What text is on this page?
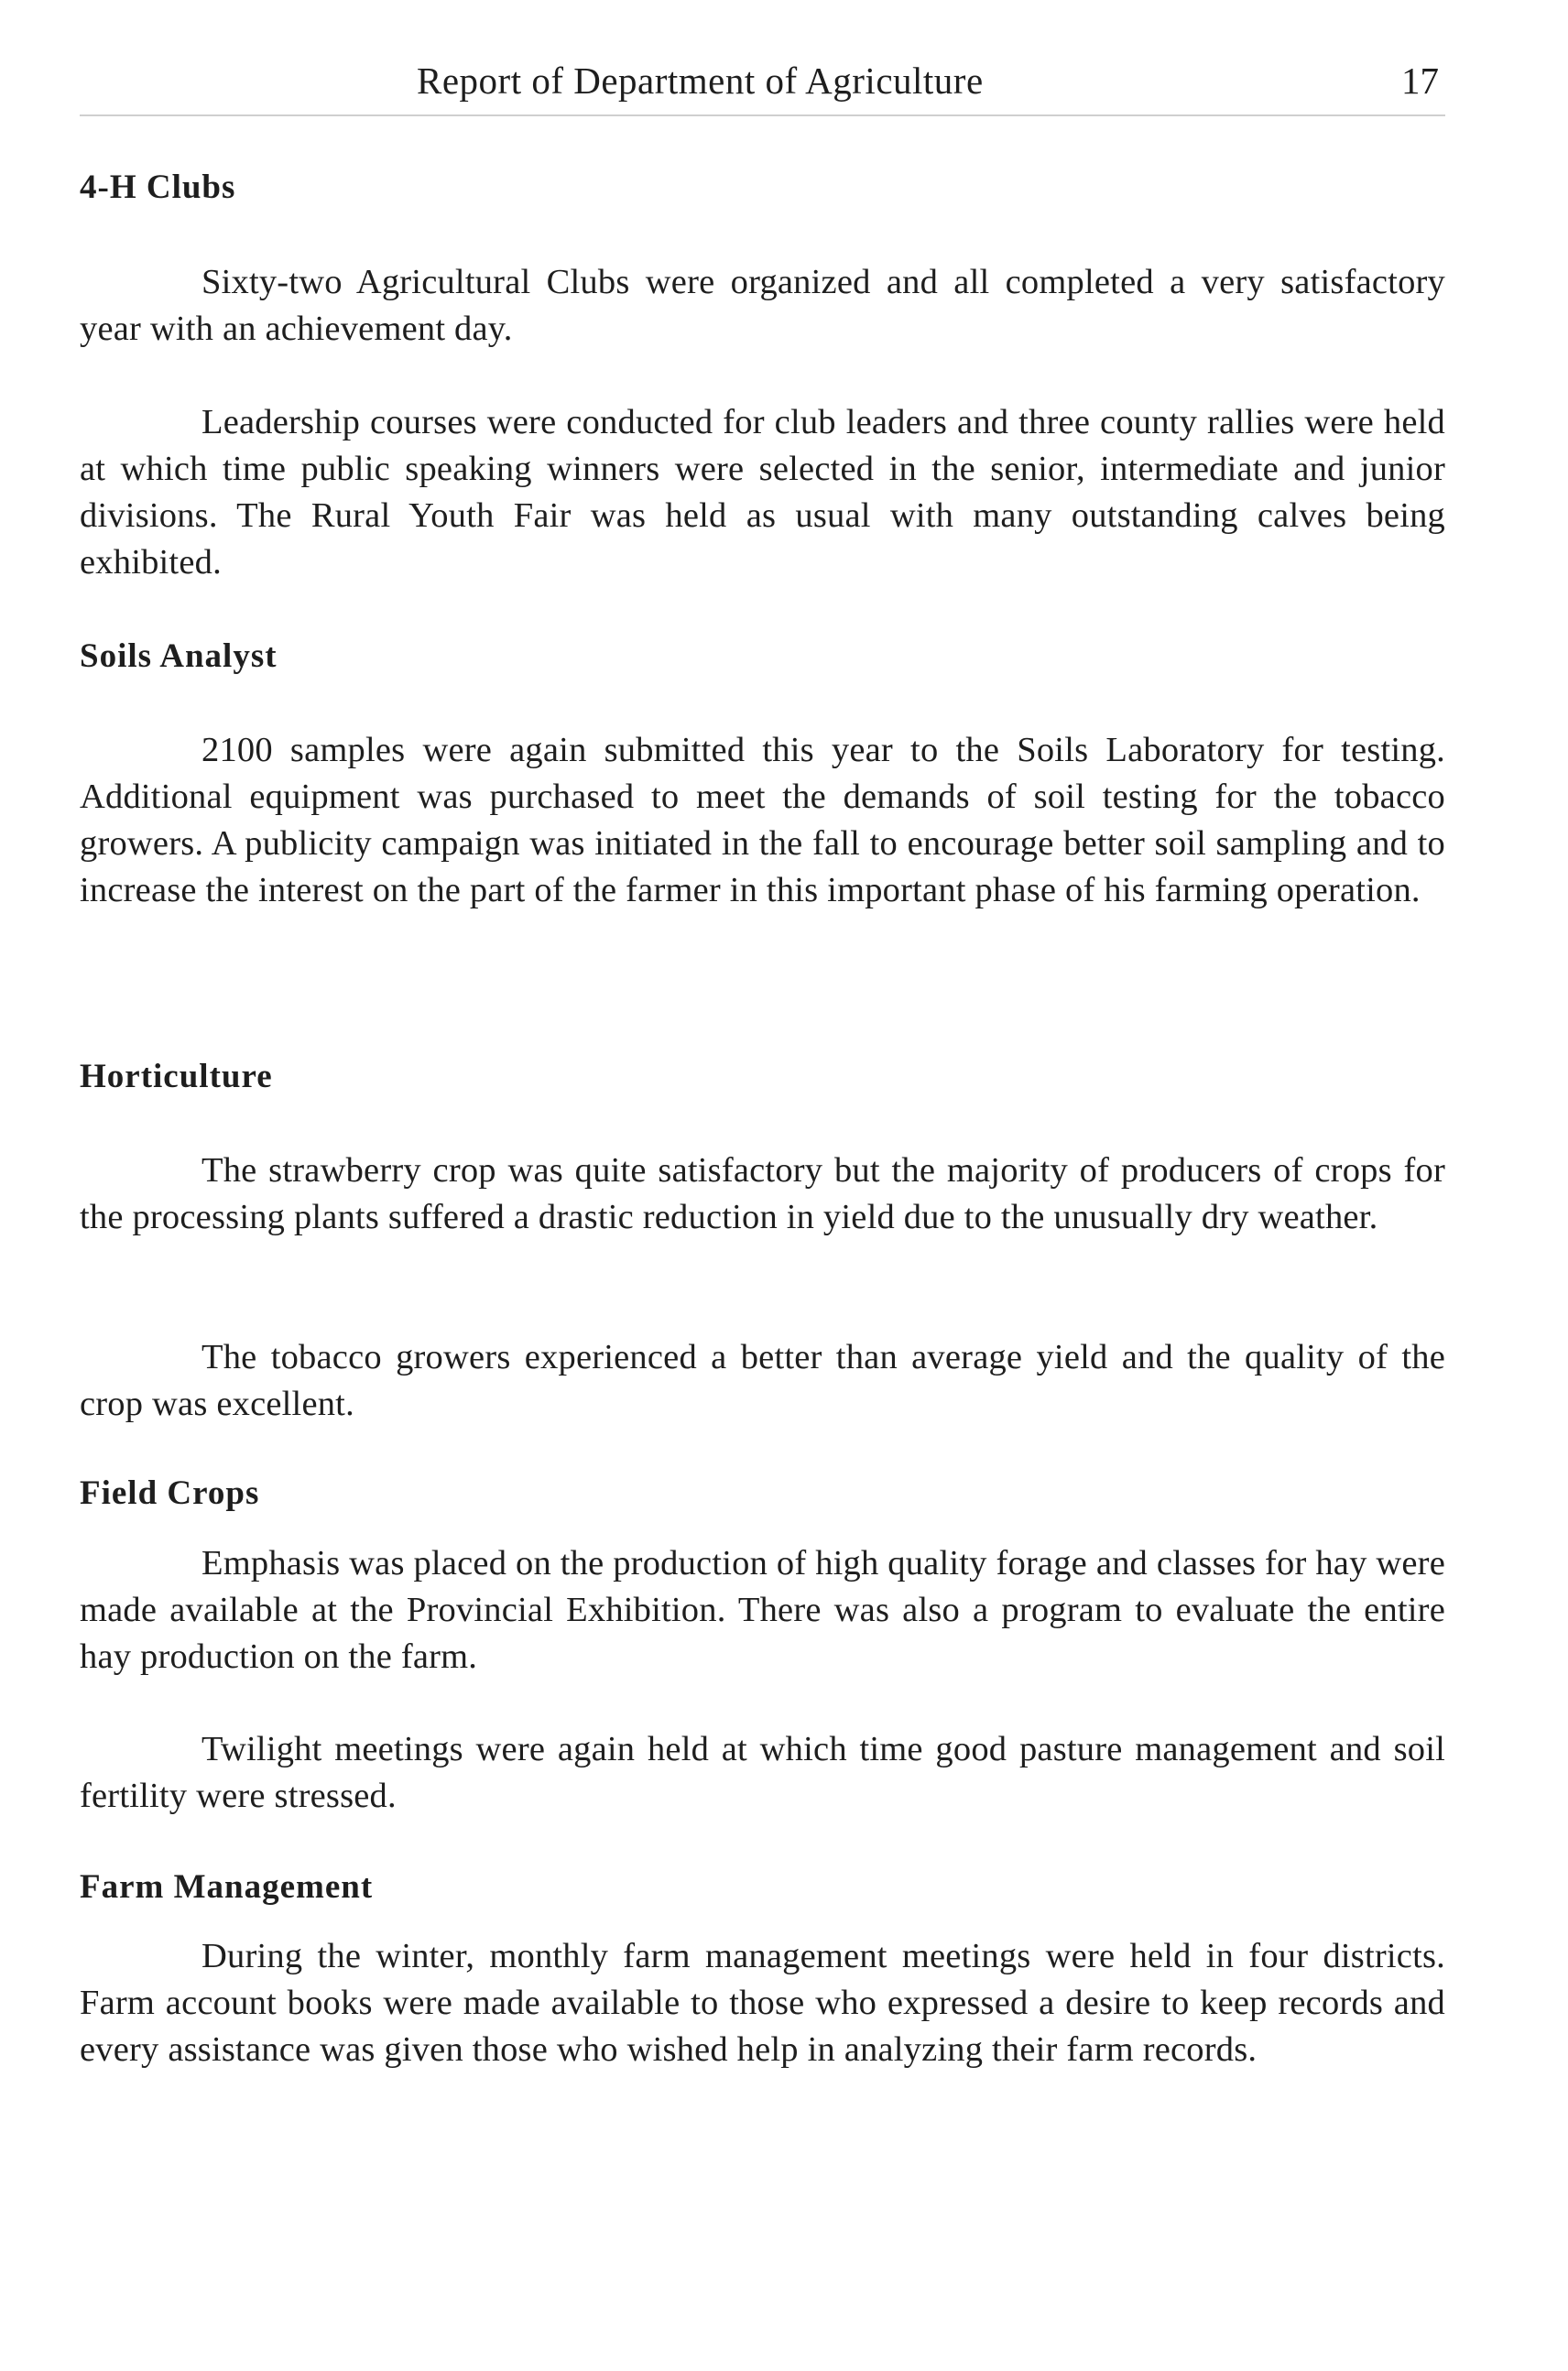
Report of Department of Agriculture	17
4-H Clubs

Sixty-two Agricultural Clubs were organized and all completed a very satisfactory year with an achievement day.

Leadership courses were conducted for club leaders and three county rallies were held at which time public speaking winners were selected in the senior, intermediate and junior divisions. The Rural Youth Fair was held as usual with many outstanding calves being exhibited.

Soils Analyst

2100 samples were again submitted this year to the Soils Laboratory for testing. Additional equipment was purchased to meet the demands of soil testing for the tobacco growers. A publicity campaign was initiated in the fall to encourage better soil sampling and to increase the interest on the part of the farmer in this important phase of his farming operation.

Horticulture

The strawberry crop was quite satisfactory but the majority of producers of crops for the processing plants suffered a drastic reduction in yield due to the unusually dry weather.

The tobacco growers experienced a better than average yield and the quality of the crop was excellent.

Field Crops

Emphasis was placed on the production of high quality forage and classes for hay were made available at the Provincial Exhibition. There was also a program to evaluate the entire hay production on the farm.

Twilight meetings were again held at which time good pasture management and soil fertility were stressed.

Farm Management

During the winter, monthly farm management meetings were held in four districts. Farm account books were made available to those who expressed a desire to keep records and every assistance was given those who wished help in analyzing their farm records.
